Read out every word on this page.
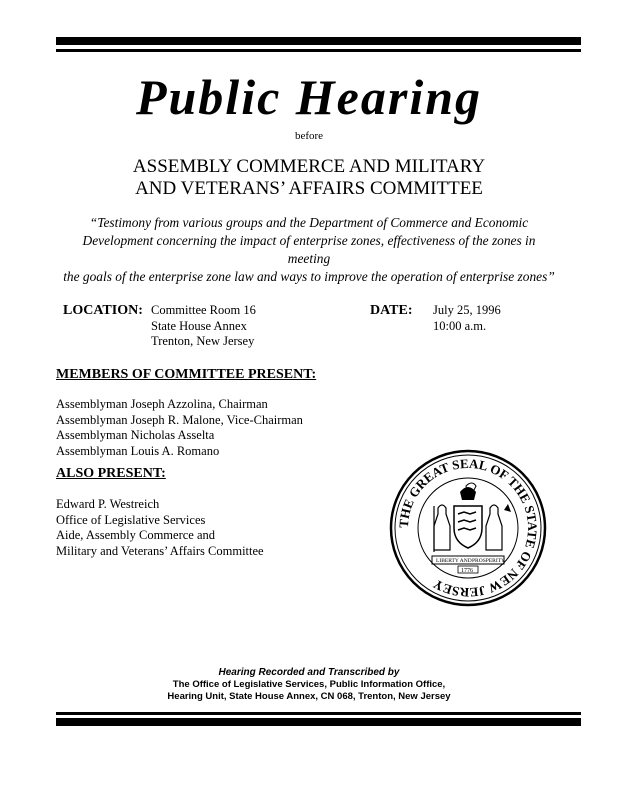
Public Hearing
before
ASSEMBLY COMMERCE AND MILITARY
AND VETERANS’ AFFAIRS COMMITTEE
“Testimony from various groups and the Department of Commerce and Economic
Development concerning the impact of enterprise zones, effectiveness of the zones in meeting
the goals of the enterprise zone law and ways to improve the operation of enterprise zones”
LOCATION: Committee Room 16
State House Annex
Trenton, New Jersey
DATE: July 25, 1996
10:00 a.m.
MEMBERS OF COMMITTEE PRESENT:
Assemblyman Joseph Azzolina, Chairman
Assemblyman Joseph R. Malone, Vice-Chairman
Assemblyman Nicholas Asselta
Assemblyman Louis A. Romano
ALSO PRESENT:
Edward P. Westreich
Office of Legislative Services
Aide, Assembly Commerce and
Military and Veterans’ Affairs Committee
THE GREAT SEAL OF THE STATE OF NEW JERSEY
LIBERTY AND PROSPERITY
1776
Hearing Recorded and Transcribed by
The Office of Legislative Services, Public Information Office,
Hearing Unit, State House Annex, CN 068, Trenton, New Jersey
